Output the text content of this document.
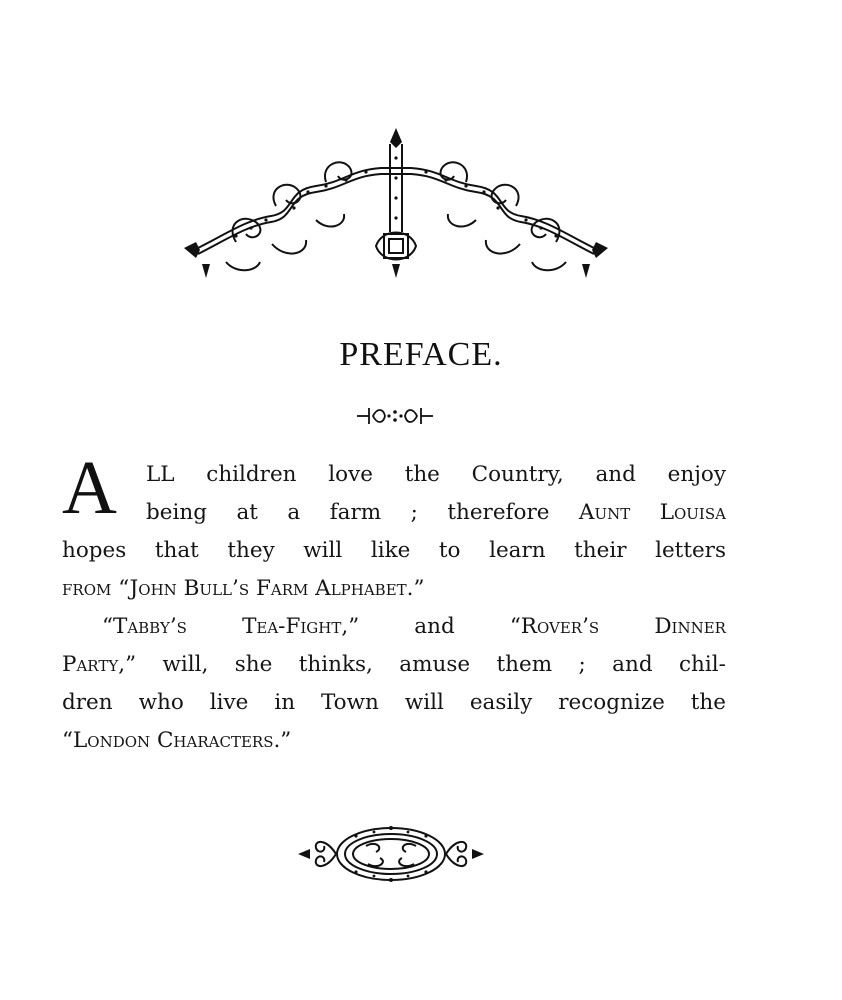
PREFACE.
A LL children love the Country, and enjoy
being at a farm ; therefore Aunt Louisa
hopes that they will like to learn their letters
from “John Bull’s Farm Alphabet.”
“Tabby’s	Tea-Fight,”	and	“Rover’s	Dinner
Party,” will, she thinks, amuse them ; and chil-
dren who live in Town will easily recognize the
“London Characters.”
